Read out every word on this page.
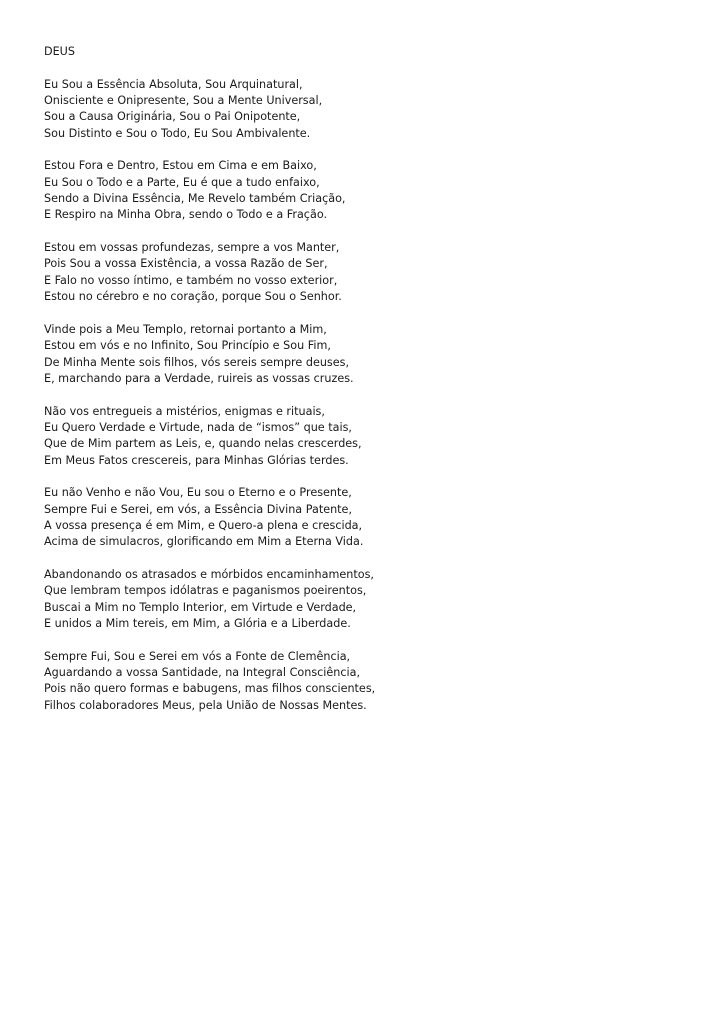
DEUS
Eu Sou a Essência Absoluta, Sou Arquinatural,
Onisciente e Onipresente, Sou a Mente Universal,
Sou a Causa Originária, Sou o Pai Onipotente,
Sou Distinto e Sou o Todo, Eu Sou Ambivalente.
Estou Fora e Dentro, Estou em Cima e em Baixo,
Eu Sou o Todo e a Parte, Eu é que a tudo enfaixo,
Sendo a Divina Essência, Me Revelo também Criação,
E Respiro na Minha Obra, sendo o Todo e a Fração.
Estou em vossas profundezas, sempre a vos Manter,
Pois Sou a vossa Existência, a vossa Razão de Ser,
E Falo no vosso íntimo, e também no vosso exterior,
Estou no cérebro e no coração, porque Sou o Senhor.
Vinde pois a Meu Templo, retornai portanto a Mim,
Estou em vós e no Infinito, Sou Princípio e Sou Fim,
De Minha Mente sois filhos, vós sereis sempre deuses,
E, marchando para a Verdade, ruireis as vossas cruzes.
Não vos entregueis a mistérios, enigmas e rituais,
Eu Quero Verdade e Virtude, nada de “ismos” que tais,
Que de Mim partem as Leis, e, quando nelas crescerdes,
Em Meus Fatos crescereis, para Minhas Glórias terdes.
Eu não Venho e não Vou, Eu sou o Eterno e o Presente,
Sempre Fui e Serei, em vós, a Essência Divina Patente,
A vossa presença é em Mim, e Quero-a plena e crescida,
Acima de simulacros, glorificando em Mim a Eterna Vida.
Abandonando os atrasados e mórbidos encaminhamentos,
Que lembram tempos idólatras e paganismos poeirentos,
Buscai a Mim no Templo Interior, em Virtude e Verdade,
E unidos a Mim tereis, em Mim, a Glória e a Liberdade.
Sempre Fui, Sou e Serei em vós a Fonte de Clemência,
Aguardando a vossa Santidade, na Integral Consciência,
Pois não quero formas e babugens, mas filhos conscientes,
Filhos colaboradores Meus, pela União de Nossas Mentes.
